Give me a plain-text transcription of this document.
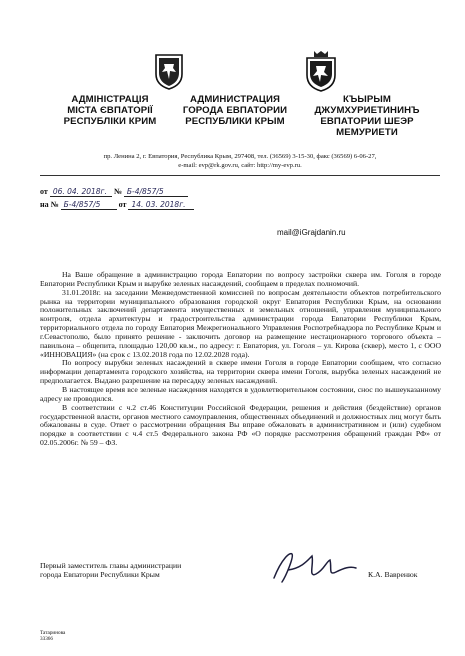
АДМІНІСТРАЦІЯ
МІСТА ЄВПАТОРІЇ
РЕСПУБЛІКИ КРИМ
АДМИНИСТРАЦИЯ
ГОРОДА ЕВПАТОРИИ
РЕСПУБЛИКИ КРЫМ
КЪЫРЫМ
ДЖУМХУРИЕТИНИНЪ
ЕВПАТОРИИ ШЕЭР
МЕМУРИЕТИ
пр. Ленина 2, г. Евпатория, Республика Крым, 297408, тел. (36569) 3-15-30, факс (36569) 6-06-27,
e-mail: evp@rk.gov.ru, сайт: http://my-evp.ru.
от 06. 04. 2018г. № Б-4/857/5
на № Б-4/857/5 от 14. 03. 2018г.
mail@iGrajdanin.ru

На Ваше обращение в администрацию города Евпатории по вопросу застройки сквера им. Гоголя в городе Евпатории Республики Крым и вырубке зеленых насаждений, сообщаем в пределах полномочий.

31.01.2018г. на заседании Межведомственной комиссией по вопросам деятельности объектов потребительского рынка на территории муниципального образования городской округ Евпатория Республики Крым, на основании положительных заключений департамента имущественных и земельных отношений, управления муниципального контроля, отдела архитектуры и градостроительства администрации города Евпатории Республики Крым, территориального отдела по городу Евпатория Межрегионального Управления Роспотребнадзора по Республике Крым и г.Севастополю, было принято решение - заключить договор на размещение нестационарного торгового объекта – павильона – общепита, площадью 120,00 кв.м., по адресу: г. Евпатория, ул. Гоголя – ул. Кирова (сквер), место 1, с ООО «ИННОВАЦИЯ» (на срок с 13.02.2018 года по 12.02.2028 года).

По вопросу вырубки зеленых насаждений в сквере имени Гоголя в городе Евпатории сообщаем, что согласно информации департамента городского хозяйства, на территории сквера имени Гоголя, вырубка зеленых насаждений не предполагается. Выдано разрешение на пересадку зеленых насаждений.

В настоящее время все зеленые насаждения находятся в удовлетворительном состоянии, снос по вышеуказанному адресу не проводился.

В соответствии с ч.2 ст.46 Конституции Российской Федерации, решения и действия (бездействие) органов государственной власти, органов местного самоуправления, общественных объединений и должностных лиц могут быть обжалованы в суде. Ответ о рассмотрении обращения Вы вправе обжаловать в административном и (или) судебном порядке в соответствии с ч.4 ст.5 Федерального закона РФ «О порядке рассмотрения обращений граждан РФ» от 02.05.2006г. № 59 – ФЗ.

Первый заместитель главы администрации
города Евпатории Республики Крым	К.А. Вавренюк
Татаринова
33366
